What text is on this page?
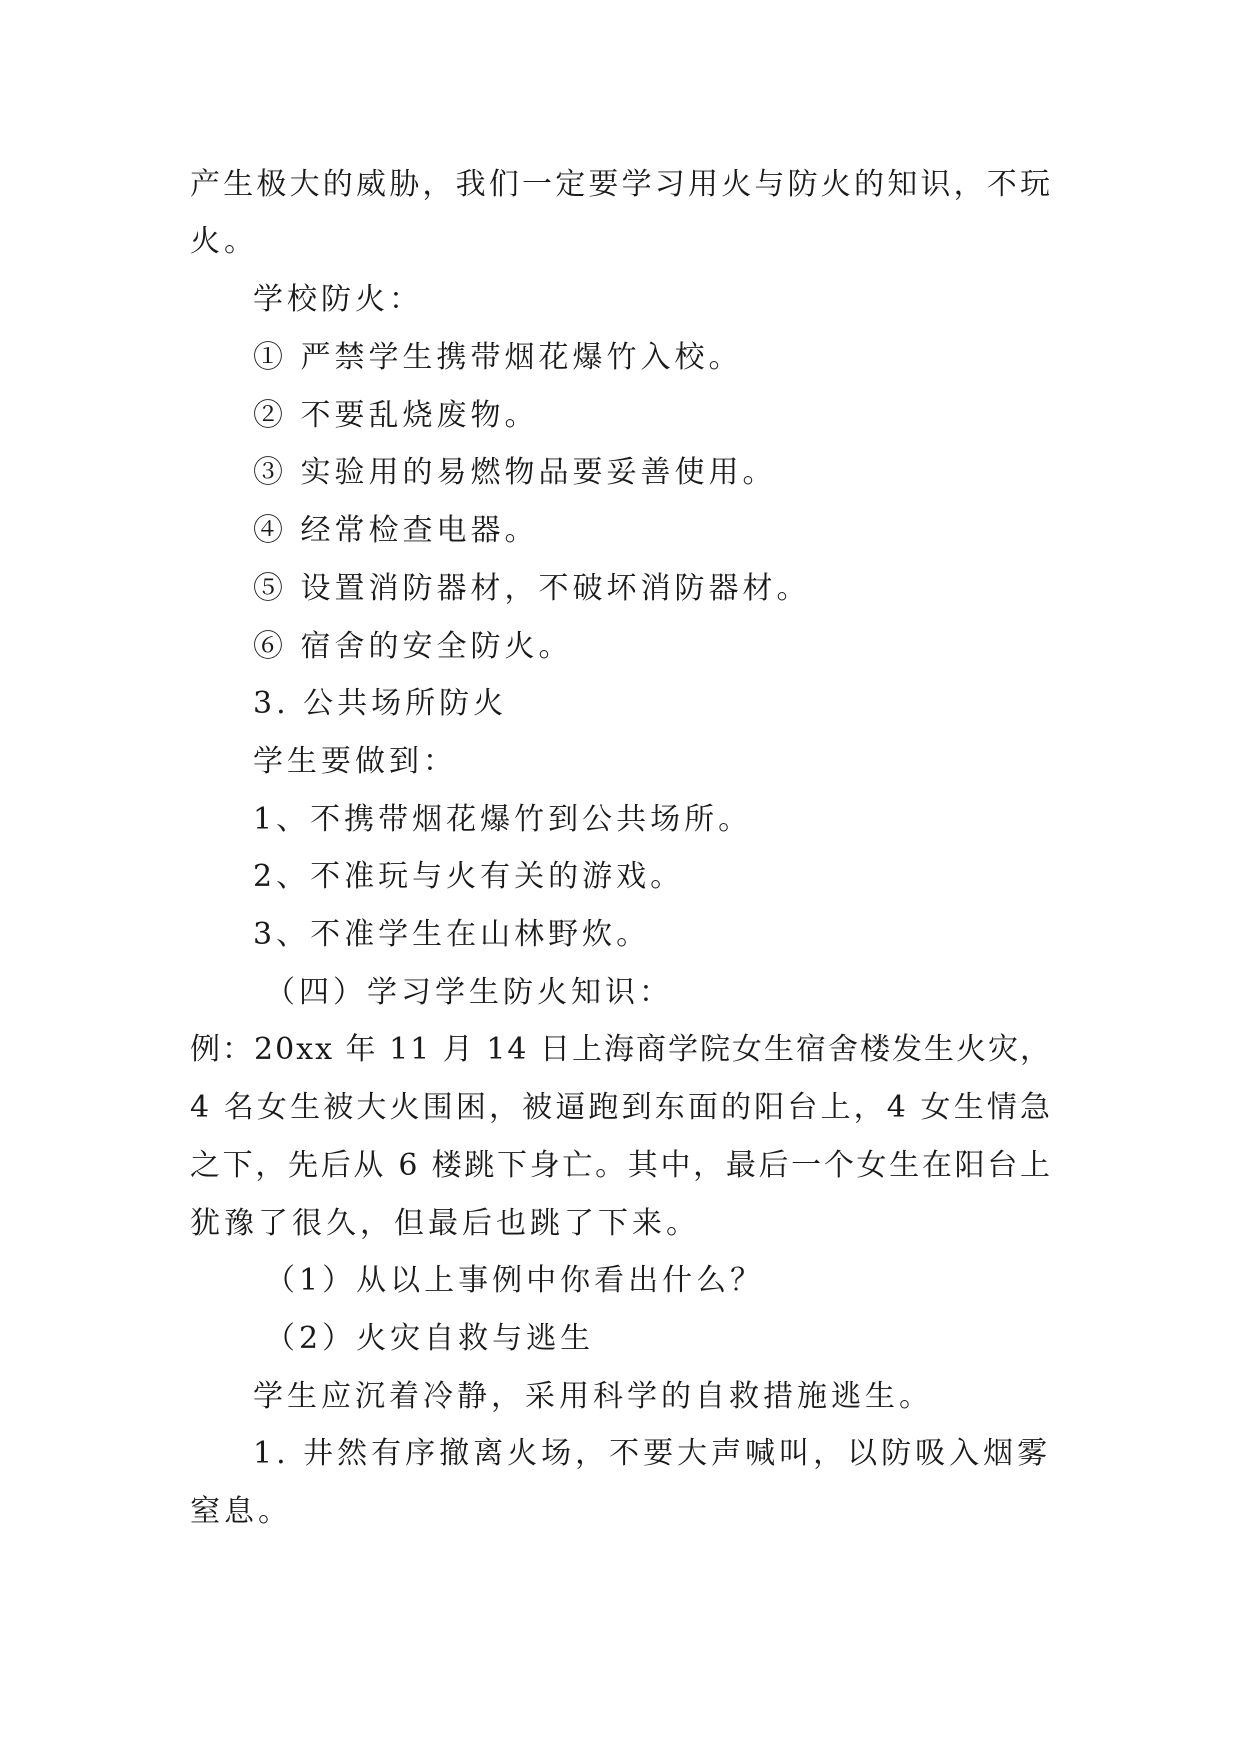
产生极大的威胁，我们一定要学习用火与防火的知识，不玩
火。
学校防火：
① 严禁学生携带烟花爆竹入校。
② 不要乱烧废物。
③ 实验用的易燃物品要妥善使用。
④ 经常检查电器。
⑤ 设置消防器材，不破坏消防器材。
⑥ 宿舍的安全防火。
3. 公共场所防火
学生要做到：
1、不携带烟花爆竹到公共场所。
2、不准玩与火有关的游戏。
3、不准学生在山林野炊。
（四）学习学生防火知识：
例：20xx 年 11 月 14 日上海商学院女生宿舍楼发生火灾，
4 名女生被大火围困，被逼跑到东面的阳台上，4 女生情急
之下，先后从 6 楼跳下身亡。其中，最后一个女生在阳台上
犹豫了很久，但最后也跳了下来。
（1）从以上事例中你看出什么？
（2）火灾自救与逃生
学生应沉着冷静，采用科学的自救措施逃生。
1. 井然有序撤离火场，不要大声喊叫，以防吸入烟雾
窒息。
